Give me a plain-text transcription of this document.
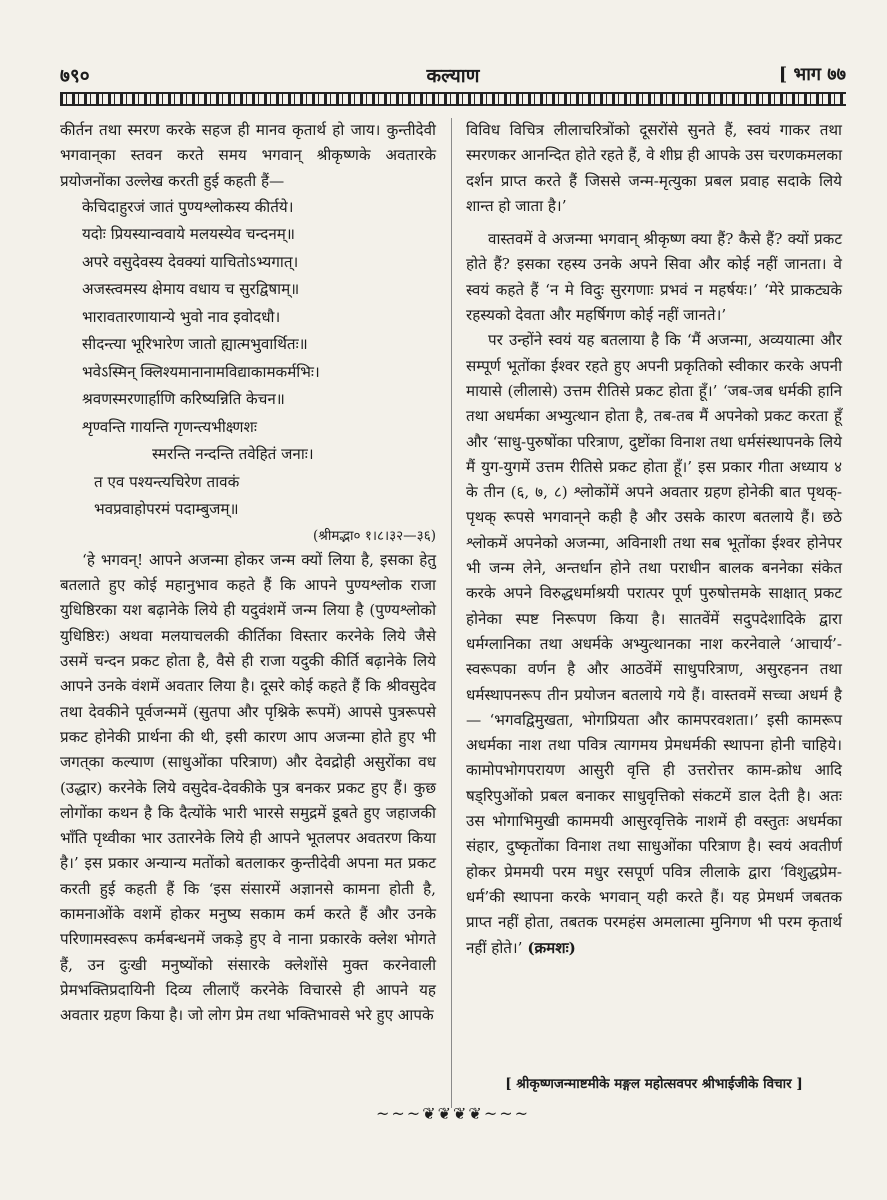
७९०	कल्याण	[ भाग ७७

कीर्तन तथा स्मरण करके सहज ही मानव कृतार्थ हो जाय। कुन्तीदेवी भगवान्‌का स्तवन करते समय भगवान् श्रीकृष्णके अवतारके प्रयोजनोंका उल्लेख करती हुई कहती हैं—

केचिदाहुरजं जातं पुण्यश्लोकस्य कीर्तये।
यदोः प्रियस्यान्ववाये मलयस्येव चन्दनम्॥
अपरे वसुदेवस्य देवक्यां याचितोऽभ्यगात्।
अजस्त्वमस्य क्षेमाय वधाय च सुरद्विषाम्॥
भारावतारणायान्ये भुवो नाव इवोदधौ।
सीदन्त्या भूरिभारेण जातो ह्यात्मभुवार्थितः॥
भवेऽस्मिन् क्लिश्यमानानामविद्याकामकर्मभिः।
श्रवणस्मरणार्हाणि करिष्यन्निति केचन॥
शृण्वन्ति गायन्ति गृणन्त्यभीक्ष्णशः
स्मरन्ति नन्दन्ति तवेहितं जनाः।
त एव पश्यन्त्यचिरेण तावकं
भवप्रवाहोपरमं पदाम्बुजम्॥

(श्रीमद्भा० १।८।३२—३६)

‘हे भगवन्! आपने अजन्मा होकर जन्म क्यों लिया है, इसका हेतु बतलाते हुए कोई महानुभाव कहते हैं कि आपने पुण्यश्लोक राजा युधिष्ठिरका यश बढ़ानेके लिये ही यदुवंशमें जन्म लिया है (पुण्यश्लोको युधिष्ठिरः) अथवा मलयाचलकी कीर्तिका विस्तार करनेके लिये जैसे उसमें चन्दन प्रकट होता है, वैसे ही राजा यदुकी कीर्ति बढ़ानेके लिये आपने उनके वंशमें अवतार लिया है। दूसरे कोई कहते हैं कि श्रीवसुदेव तथा देवकीने पूर्वजन्ममें (सुतपा और पृश्निके रूपमें) आपसे पुत्ररूपसे प्रकट होनेकी प्रार्थना की थी, इसी कारण आप अजन्मा होते हुए भी जगत्‌का कल्याण (साधुओंका परित्राण) और देवद्रोही असुरोंका वध (उद्धार) करनेके लिये वसुदेव-देवकीके पुत्र बनकर प्रकट हुए हैं। कुछ लोगोंका कथन है कि दैत्योंके भारी भारसे समुद्रमें डूबते हुए जहाजकी भाँति पृथ्वीका भार उतारनेके लिये ही आपने भूतलपर अवतरण किया है।’ इस प्रकार अन्यान्य मतोंको बतलाकर कुन्तीदेवी अपना मत प्रकट करती हुई कहती हैं कि ‘इस संसारमें अज्ञानसे कामना होती है, कामनाओंके वशमें होकर मनुष्य सकाम कर्म करते हैं और उनके परिणामस्वरूप कर्मबन्धनमें जकड़े हुए वे नाना प्रकारके क्लेश भोगते हैं, उन दुःखी मनुष्योंको संसारके क्लेशोंसे मुक्त करनेवाली प्रेमभक्तिप्रदायिनी दिव्य लीलाएँ करनेके विचारसे ही आपने यह अवतार ग्रहण किया है। जो लोग प्रेम तथा भक्तिभावसे भरे हुए आपके

विविध विचित्र लीलाचरित्रोंको दूसरोंसे सुनते हैं, स्वयं गाकर तथा स्मरणकर आनन्दित होते रहते हैं, वे शीघ्र ही आपके उस चरणकमलका दर्शन प्राप्त करते हैं जिससे जन्म-मृत्युका प्रबल प्रवाह सदाके लिये शान्त हो जाता है।’

वास्तवमें वे अजन्मा भगवान् श्रीकृष्ण क्या हैं? कैसे हैं? क्यों प्रकट होते हैं? इसका रहस्य उनके अपने सिवा और कोई नहीं जानता। वे स्वयं कहते हैं ‘न मे विदुः सुरगणाः प्रभवं न महर्षयः।’ ‘मेरे प्राकट्यके रहस्यको देवता और महर्षिगण कोई नहीं जानते।’

पर उन्होंने स्वयं यह बतलाया है कि ‘मैं अजन्मा, अव्ययात्मा और सम्पूर्ण भूतोंका ईश्वर रहते हुए अपनी प्रकृतिको स्वीकार करके अपनी मायासे (लीलासे) उत्तम रीतिसे प्रकट होता हूँ।’ ‘जब-जब धर्मकी हानि तथा अधर्मका अभ्युत्थान होता है, तब-तब मैं अपनेको प्रकट करता हूँ और ‘साधु-पुरुषोंका परित्राण, दुष्टोंका विनाश तथा धर्मसंस्थापनके लिये मैं युग-युगमें उत्तम रीतिसे प्रकट होता हूँ।’ इस प्रकार गीता अध्याय ४ के तीन (६, ७, ८) श्लोकोंमें अपने अवतार ग्रहण होनेकी बात पृथक्-पृथक् रूपसे भगवान्‌ने कही है और उसके कारण बतलाये हैं। छठे श्लोकमें अपनेको अजन्मा, अविनाशी तथा सब भूतोंका ईश्वर होनेपर भी जन्म लेने, अन्तर्धान होने तथा पराधीन बालक बननेका संकेत करके अपने विरुद्धधर्माश्रयी परात्पर पूर्ण पुरुषोत्तमके साक्षात् प्रकट होनेका स्पष्ट निरूपण किया है। सातवेंमें सदुपदेशादिके द्वारा धर्मग्लानिका तथा अधर्मके अभ्युत्थानका नाश करनेवाले ‘आचार्य’-स्वरूपका वर्णन है और आठवेंमें साधुपरित्राण, असुरहनन तथा धर्मस्थापनरूप तीन प्रयोजन बतलाये गये हैं। वास्तवमें सच्चा अधर्म है— ‘भगवद्विमुखता, भोगप्रियता और कामपरवशता।’ इसी कामरूप अधर्मका नाश तथा पवित्र त्यागमय प्रेमधर्मकी स्थापना होनी चाहिये। कामोपभोगपरायण आसुरी वृत्ति ही उत्तरोत्तर काम-क्रोध आदि षड्‌रिपुओंको प्रबल बनाकर साधुवृत्तिको संकटमें डाल देती है। अतः उस भोगाभिमुखी काममयी आसुरवृत्तिके नाशमें ही वस्तुतः अधर्मका संहार, दुष्कृतोंका विनाश तथा साधुओंका परित्राण है। स्वयं अवतीर्ण होकर प्रेममयी परम मधुर रसपूर्ण पवित्र लीलाके द्वारा ‘विशुद्धप्रेम-धर्म’की स्थापना करके भगवान् यही करते हैं। यह प्रेमधर्म जबतक प्राप्त नहीं होता, तबतक परमहंस अमलात्मा मुनिगण भी परम कृतार्थ नहीं होते।’ (क्रमशः)

[ श्रीकृष्णजन्माष्टमीके मङ्गल महोत्सवपर श्रीभाईजीके विचार ]
~~~❦❦❦❦~~~
